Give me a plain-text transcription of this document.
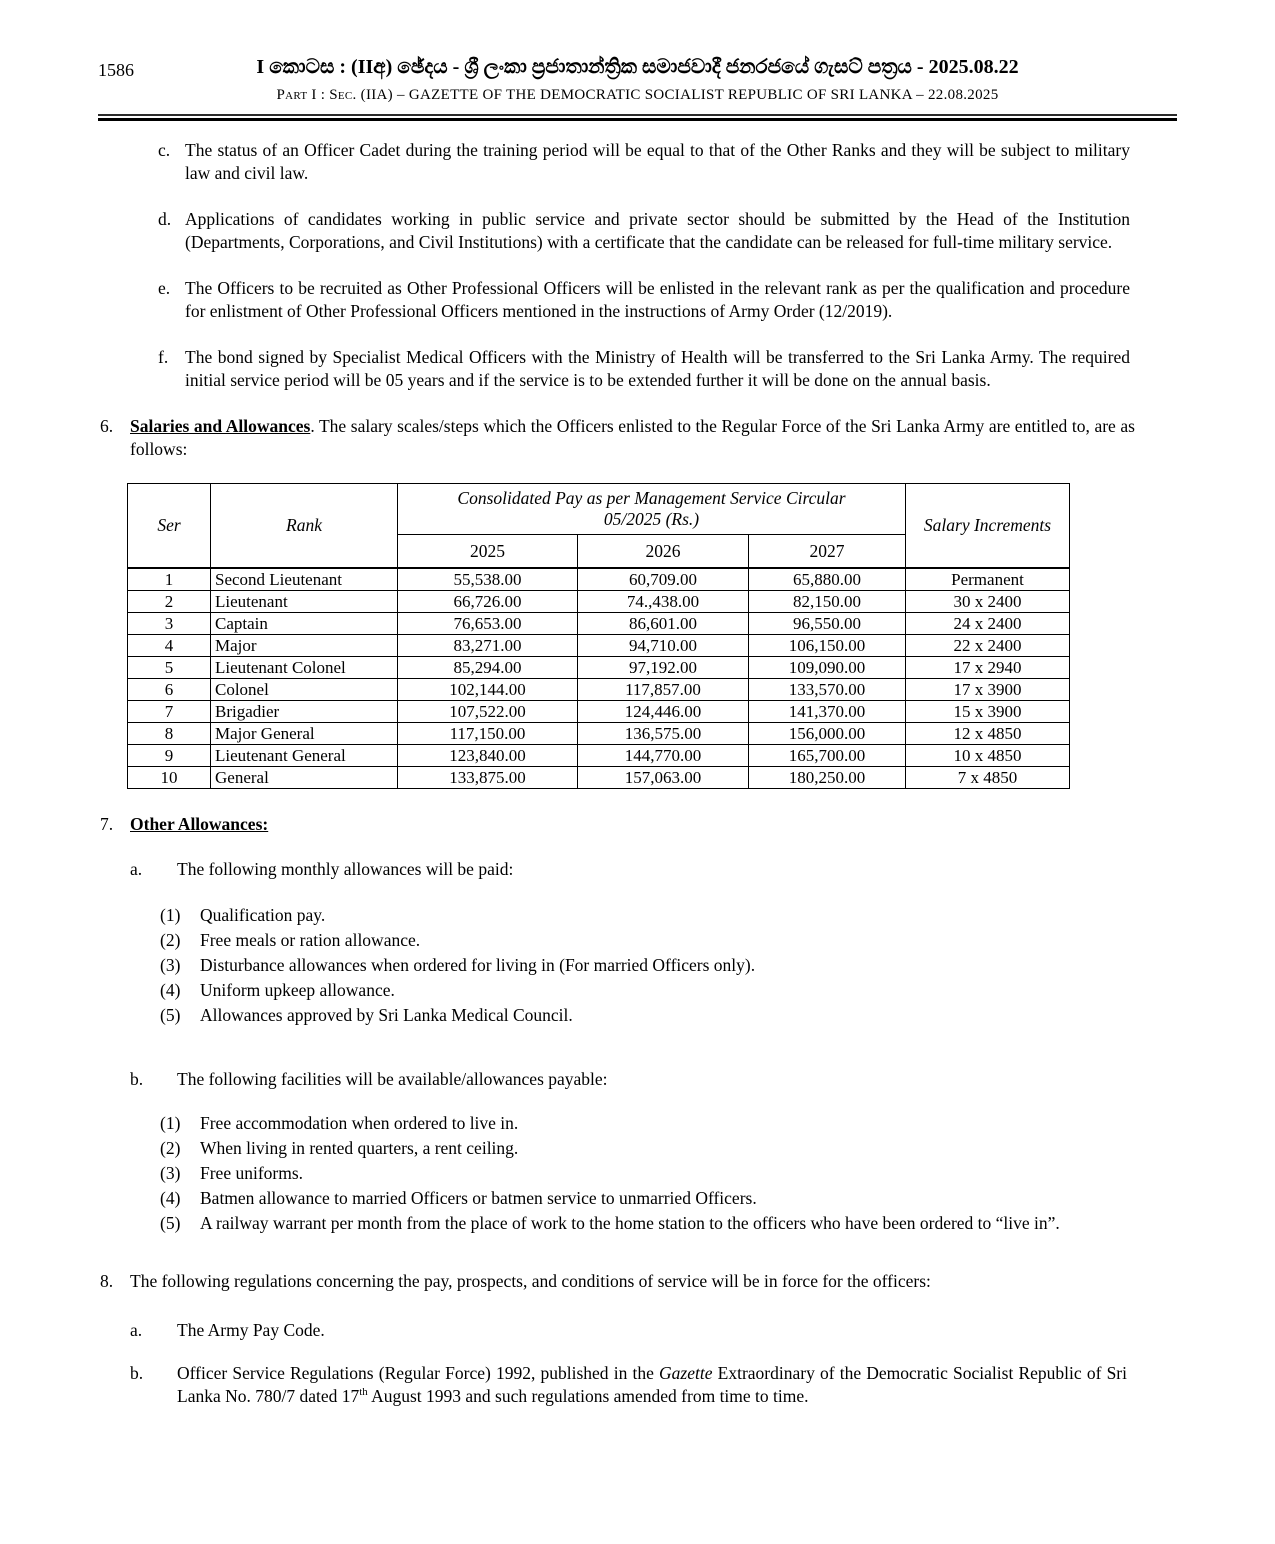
1586	I කොටස : (IIඅ) ඡේදය - ශ්‍රී ලංකා ප්‍රජාතාන්ත්‍රික සමාජවාදී ජනරජයේ ගැසට් පත්‍රය - 2025.08.22
Part I : Sec. (IIA) – GAZETTE OF THE DEMOCRATIC SOCIALIST REPUBLIC OF SRI LANKA – 22.08.2025
c. The status of an Officer Cadet during the training period will be equal to that of the Other Ranks and they will be subject to military law and civil law.
d. Applications of candidates working in public service and private sector should be submitted by the Head of the Institution (Departments, Corporations, and Civil Institutions) with a certificate that the candidate can be released for full-time military service.
e. The Officers to be recruited as Other Professional Officers will be enlisted in the relevant rank as per the qualification and procedure for enlistment of Other Professional Officers mentioned in the instructions of Army Order (12/2019).
f. The bond signed by Specialist Medical Officers with the Ministry of Health will be transferred to the Sri Lanka Army. The required initial service period will be 05 years and if the service is to be extended further it will be done on the annual basis.
6. Salaries and Allowances. The salary scales/steps which the Officers enlisted to the Regular Force of the Sri Lanka Army are entitled to, are as follows:
Ser	Rank	Consolidated Pay as per Management Service Circular
05/2025 (Rs.)			Salary Increments
		2025	2026	2027	
1	Second Lieutenant	55,538.00	60,709.00	65,880.00	Permanent
2	Lieutenant	66,726.00	74.,438.00	82,150.00	30 x 2400
3	Captain	76,653.00	86,601.00	96,550.00	24 x 2400
4	Major	83,271.00	94,710.00	106,150.00	22 x 2400
5	Lieutenant Colonel	85,294.00	97,192.00	109,090.00	17 x 2940
6	Colonel	102,144.00	117,857.00	133,570.00	17 x 3900
7	Brigadier	107,522.00	124,446.00	141,370.00	15 x 3900
8	Major General	117,150.00	136,575.00	156,000.00	12 x 4850
9	Lieutenant General	123,840.00	144,770.00	165,700.00	10 x 4850
10	General	133,875.00	157,063.00	180,250.00	7 x 4850
7. Other Allowances:
a.	The following monthly allowances will be paid:
(1)	Qualification pay.
(2)	Free meals or ration allowance.
(3)	Disturbance allowances when ordered for living in (For married Officers only).
(4)	Uniform upkeep allowance.
(5)	Allowances approved by Sri Lanka Medical Council.
b.	The following facilities will be available/allowances payable:
(1)	Free accommodation when ordered to live in.
(2)	When living in rented quarters, a rent ceiling.
(3)	Free uniforms.
(4)	Batmen allowance to married Officers or batmen service to unmarried Officers.
(5)	A railway warrant per month from the place of work to the home station to the officers who have been ordered to “live in”.
8. The following regulations concerning the pay, prospects, and conditions of service will be in force for the officers:
a.	The Army Pay Code.
b.	Officer Service Regulations (Regular Force) 1992, published in the Gazette Extraordinary of the Democratic Socialist Republic of Sri Lanka No. 780/7 dated 17th August 1993 and such regulations amended from time to time.
